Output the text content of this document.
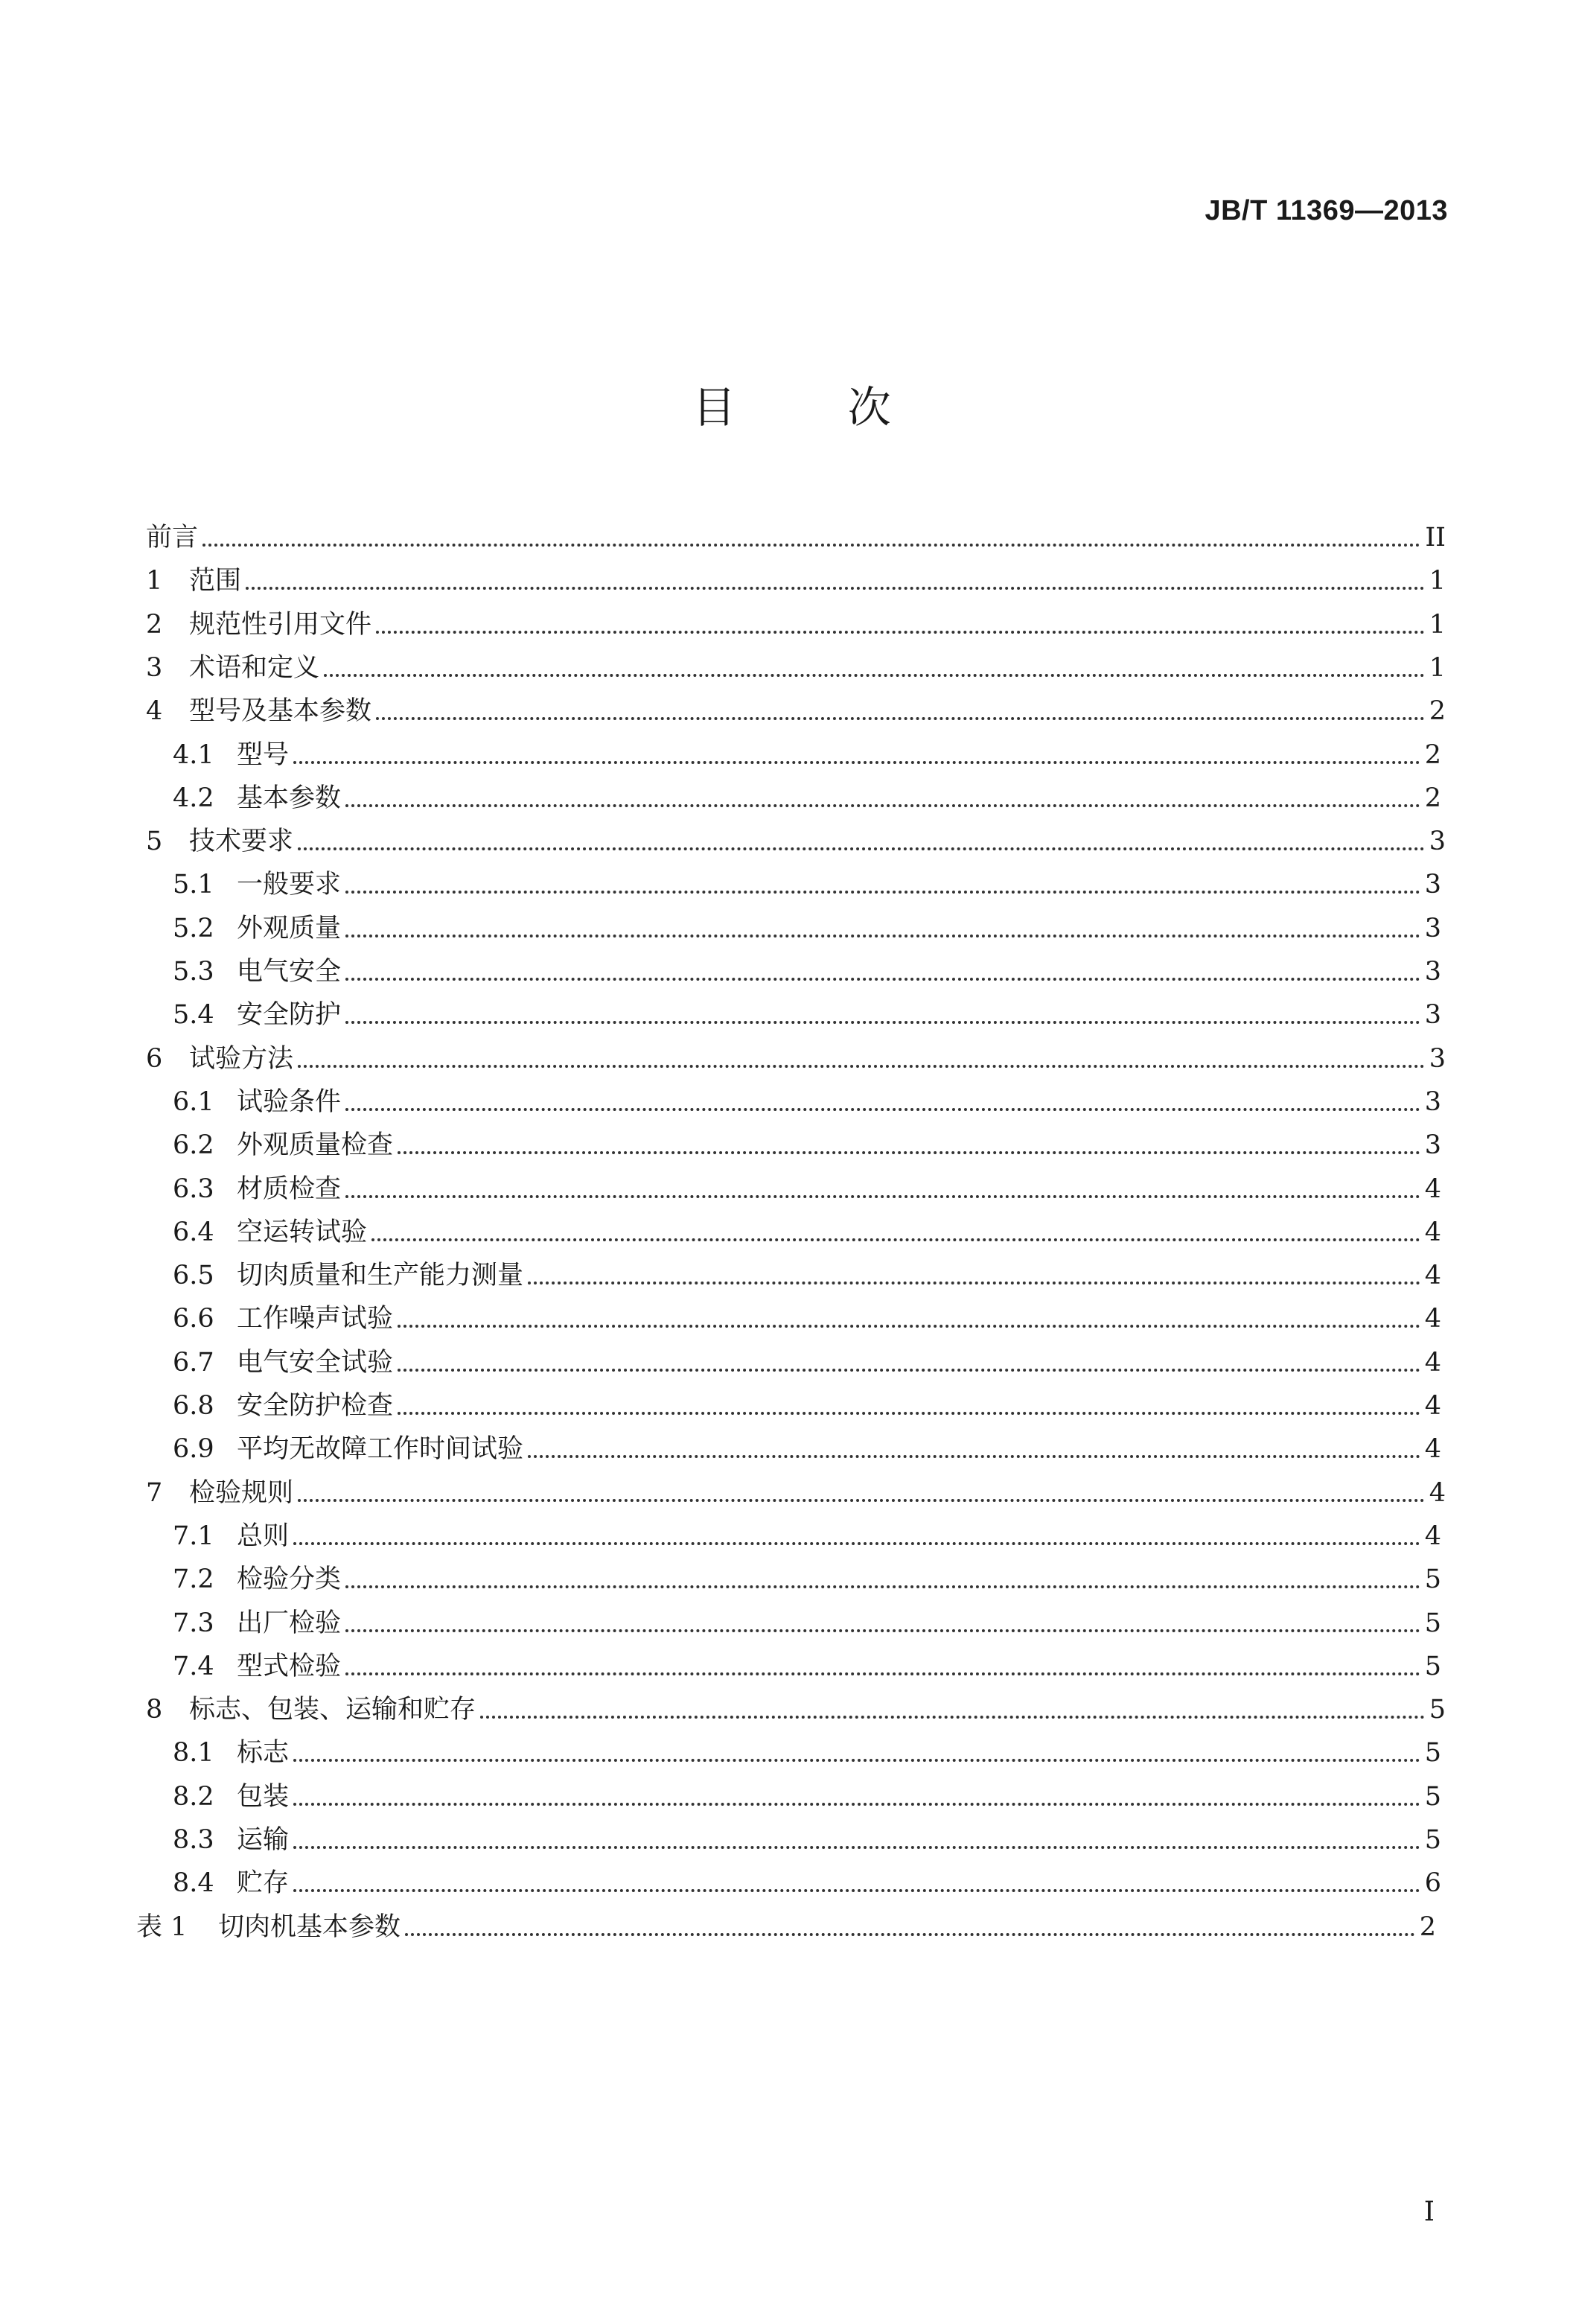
JB/T 11369—2013
目 次
前言	II
1	范围	1
2	规范性引用文件	1
3	术语和定义	1
4	型号及基本参数	2
4.1 型号	2
4.2 基本参数	2
5	技术要求	3
5.1 一般要求	3
5.2 外观质量	3
5.3 电气安全	3
5.4 安全防护	3
6	试验方法	3
6.1 试验条件	3
6.2 外观质量检查	3
6.3 材质检查	4
6.4 空运转试验	4
6.5 切肉质量和生产能力测量	4
6.6 工作噪声试验	4
6.7 电气安全试验	4
6.8 安全防护检查	4
6.9 平均无故障工作时间试验	4
7	检验规则	4
7.1 总则	4
7.2 检验分类	5
7.3 出厂检验	5
7.4 型式检验	5
8	标志、包装、运输和贮存	5
8.1 标志	5
8.2 包装	5
8.3 运输	5
8.4 贮存	6
表 1	切肉机基本参数	2
I
